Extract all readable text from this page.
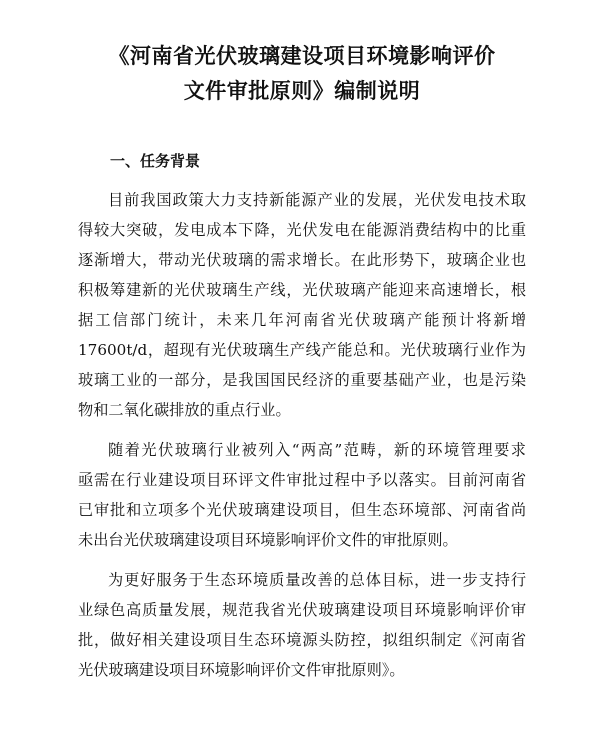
《河南省光伏玻璃建设项目环境影响评价
文件审批原则》编制说明
一、任务背景

目前我国政策大力支持新能源产业的发展，光伏发电技术取

得较大突破，发电成本下降，光伏发电在能源消费结构中的比重

逐渐增大，带动光伏玻璃的需求增长。在此形势下，玻璃企业也

积极筹建新的光伏玻璃生产线，光伏玻璃产能迎来高速增长，根

据工信部门统计，未来几年河南省光伏玻璃产能预计将新增

17600t/d，超现有光伏玻璃生产线产能总和。光伏玻璃行业作为

玻璃工业的一部分，是我国国民经济的重要基础产业，也是污染

物和二氧化碳排放的重点行业。

随着光伏玻璃行业被列入“两高”范畴，新的环境管理要求

亟需在行业建设项目环评文件审批过程中予以落实。目前河南省

已审批和立项多个光伏玻璃建设项目，但生态环境部、河南省尚

未出台光伏玻璃建设项目环境影响评价文件的审批原则。

为更好服务于生态环境质量改善的总体目标，进一步支持行

业绿色高质量发展，规范我省光伏玻璃建设项目环境影响评价审

批，做好相关建设项目生态环境源头防控，拟组织制定《河南省

光伏玻璃建设项目环境影响评价文件审批原则》。
